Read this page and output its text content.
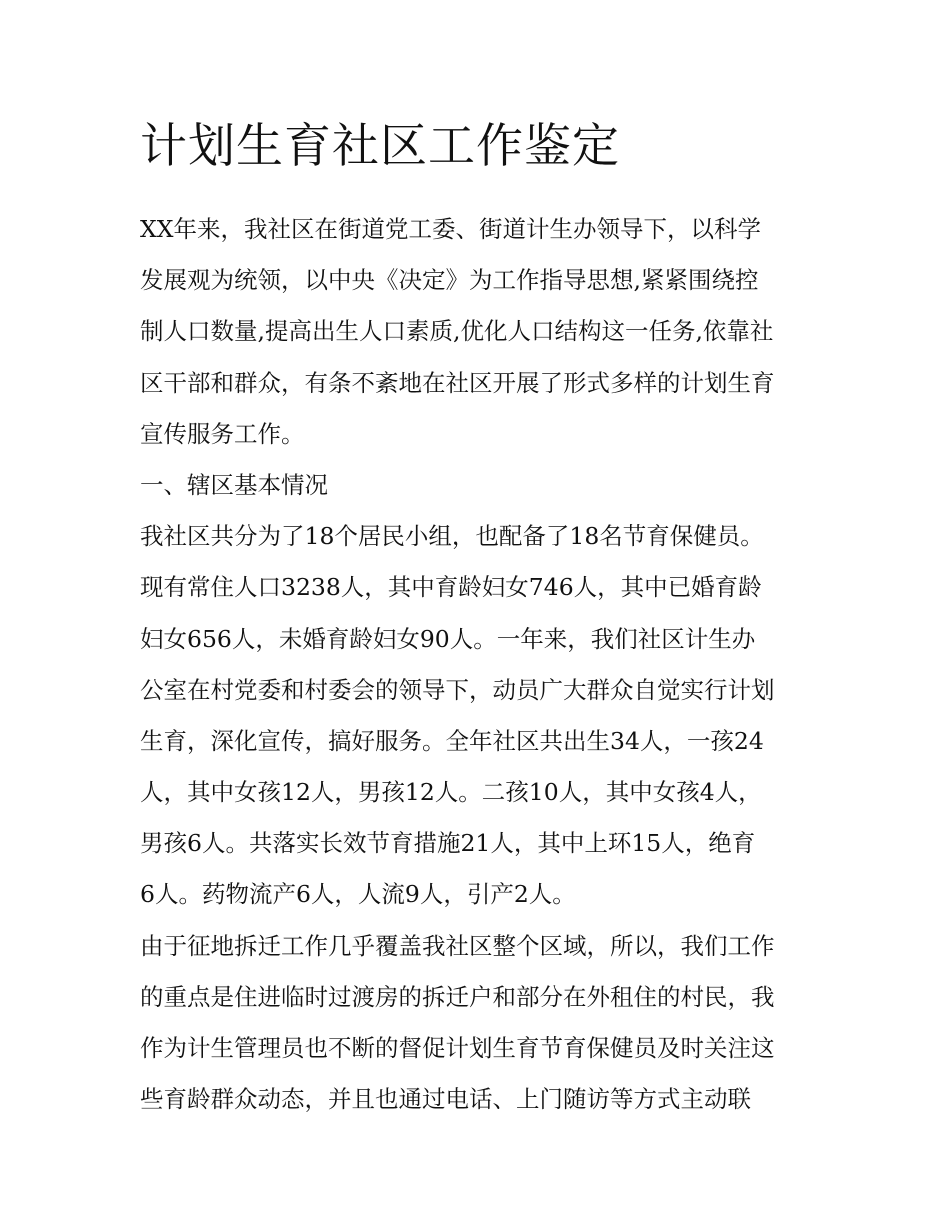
计划生育社区工作鉴定

XX年来，我社区在街道党工委、街道计生办领导下，以科学

发展观为统领，以中央《决定》为工作指导思想,紧紧围绕控

制人口数量,提高出生人口素质,优化人口结构这一任务,依靠社

区干部和群众，有条不紊地在社区开展了形式多样的计划生育

宣传服务工作。

一、辖区基本情况

我社区共分为了18个居民小组，也配备了18名节育保健员。

现有常住人口3238人，其中育龄妇女746人，其中已婚育龄

妇女656人，未婚育龄妇女90人。一年来，我们社区计生办

公室在村党委和村委会的领导下，动员广大群众自觉实行计划

生育，深化宣传，搞好服务。全年社区共出生34人，一孩24

人，其中女孩12人，男孩12人。二孩10人，其中女孩4人，

男孩6人。共落实长效节育措施21人，其中上环15人，绝育

6人。药物流产6人，人流9人，引产2人。

由于征地拆迁工作几乎覆盖我社区整个区域，所以，我们工作

的重点是住进临时过渡房的拆迁户和部分在外租住的村民，我

作为计生管理员也不断的督促计划生育节育保健员及时关注这

些育龄群众动态，并且也通过电话、上门随访等方式主动联
